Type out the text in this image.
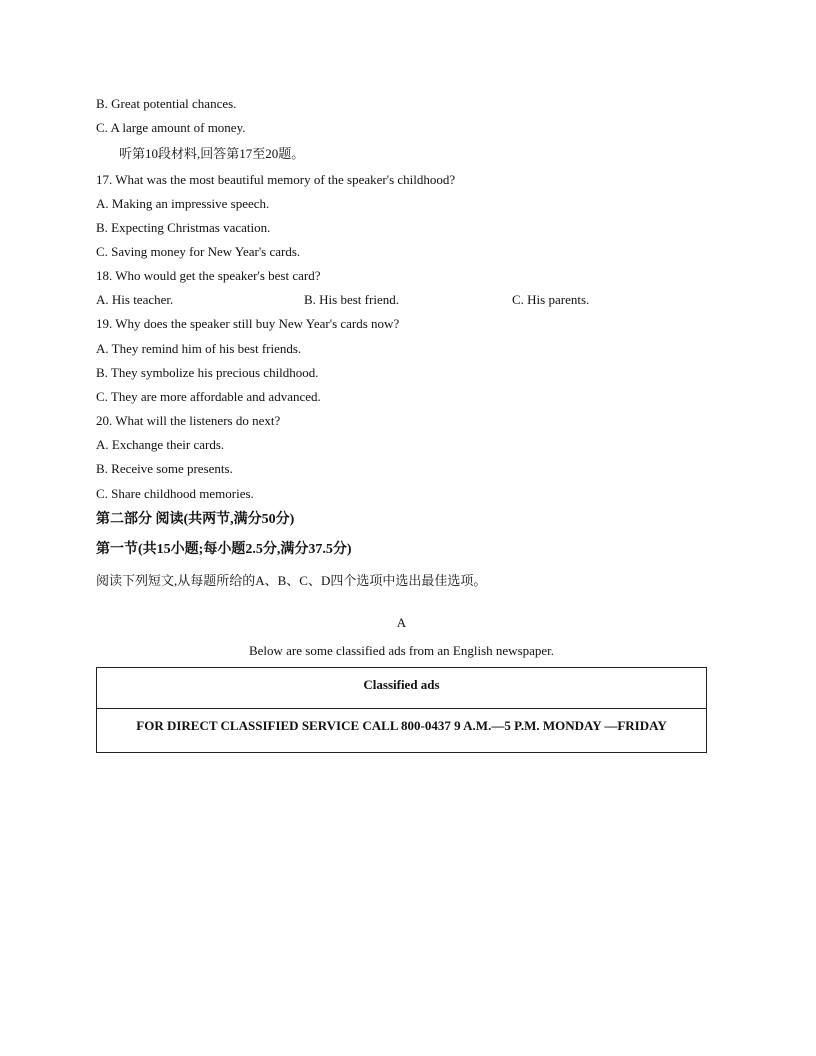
B. Great potential chances.
C. A large amount of money.
听第10段材料,回答第17至20题。
17. What was the most beautiful memory of the speaker's childhood?
A. Making an impressive speech.
B. Expecting Christmas vacation.
C. Saving money for New Year's cards.
18. Who would get the speaker's best card?
A. His teacher.	B. His best friend.	C. His parents.
19. Why does the speaker still buy New Year's cards now?
A. They remind him of his best friends.
B. They symbolize his precious childhood.
C. They are more affordable and advanced.
20. What will the listeners do next?
A. Exchange their cards.
B. Receive some presents.
C. Share childhood memories.
第二部分 阅读(共两节,满分50分)
第一节(共15小题;每小题2.5分,满分37.5分)
阅读下列短文,从每题所给的A、B、C、D四个选项中选出最佳选项。
A
Below are some classified ads from an English newspaper.
Classified ads
FOR DIRECT CLASSIFIED SERVICE CALL 800-0437 9 A.M.—5 P.M. MONDAY —FRIDAY
